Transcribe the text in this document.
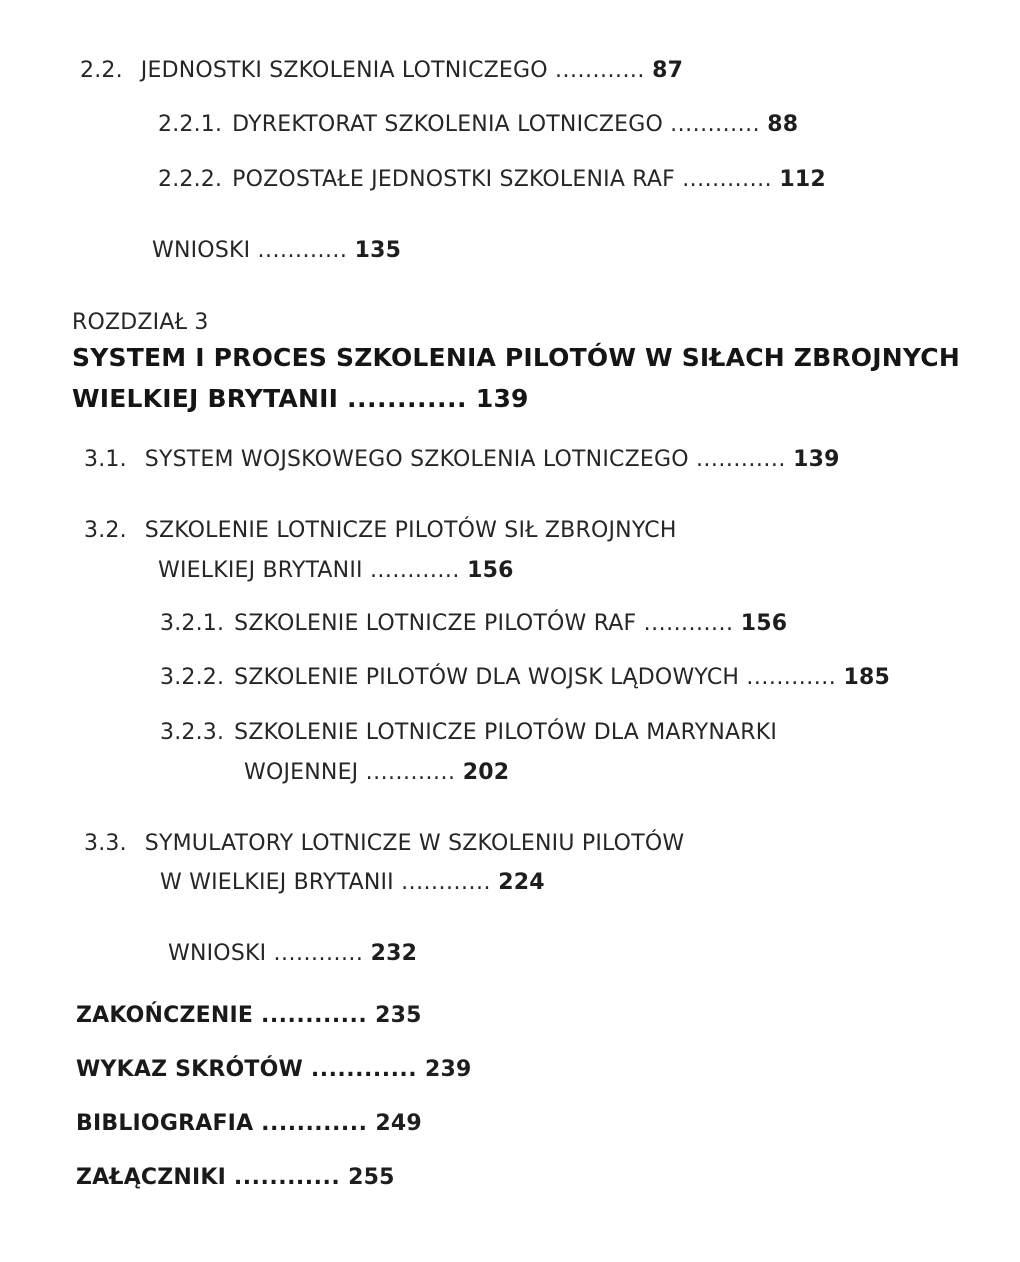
2.2. JEDNOSTKI SZKOLENIA LOTNICZEGO ............ 87
2.2.1. DYREKTORAT SZKOLENIA LOTNICZEGO ............ 88
2.2.2. POZOSTAŁE JEDNOSTKI SZKOLENIA RAF ............ 112
WNIOSKI ............ 135
ROZDZIAŁ 3
SYSTEM I PROCES SZKOLENIA PILOTÓW W SIŁACH ZBROJNYCH
WIELKIEJ BRYTANII ............ 139
3.1. SYSTEM WOJSKOWEGO SZKOLENIA LOTNICZEGO ............ 139
3.2. SZKOLENIE LOTNICZE PILOTÓW SIŁ ZBROJNYCH
WIELKIEJ BRYTANII ............ 156
3.2.1. SZKOLENIE LOTNICZE PILOTÓW RAF ............ 156
3.2.2. SZKOLENIE PILOTÓW DLA WOJSK LĄDOWYCH ............ 185
3.2.3. SZKOLENIE LOTNICZE PILOTÓW DLA MARYNARKI
WOJENNEJ ............ 202
3.3. SYMULATORY LOTNICZE W SZKOLENIU PILOTÓW
W WIELKIEJ BRYTANII ............ 224
WNIOSKI ............ 232
ZAKOŃCZENIE ............ 235
WYKAZ SKRÓTÓW ............ 239
BIBLIOGRAFIA ............ 249
ZAŁĄCZNIKI ............ 255
